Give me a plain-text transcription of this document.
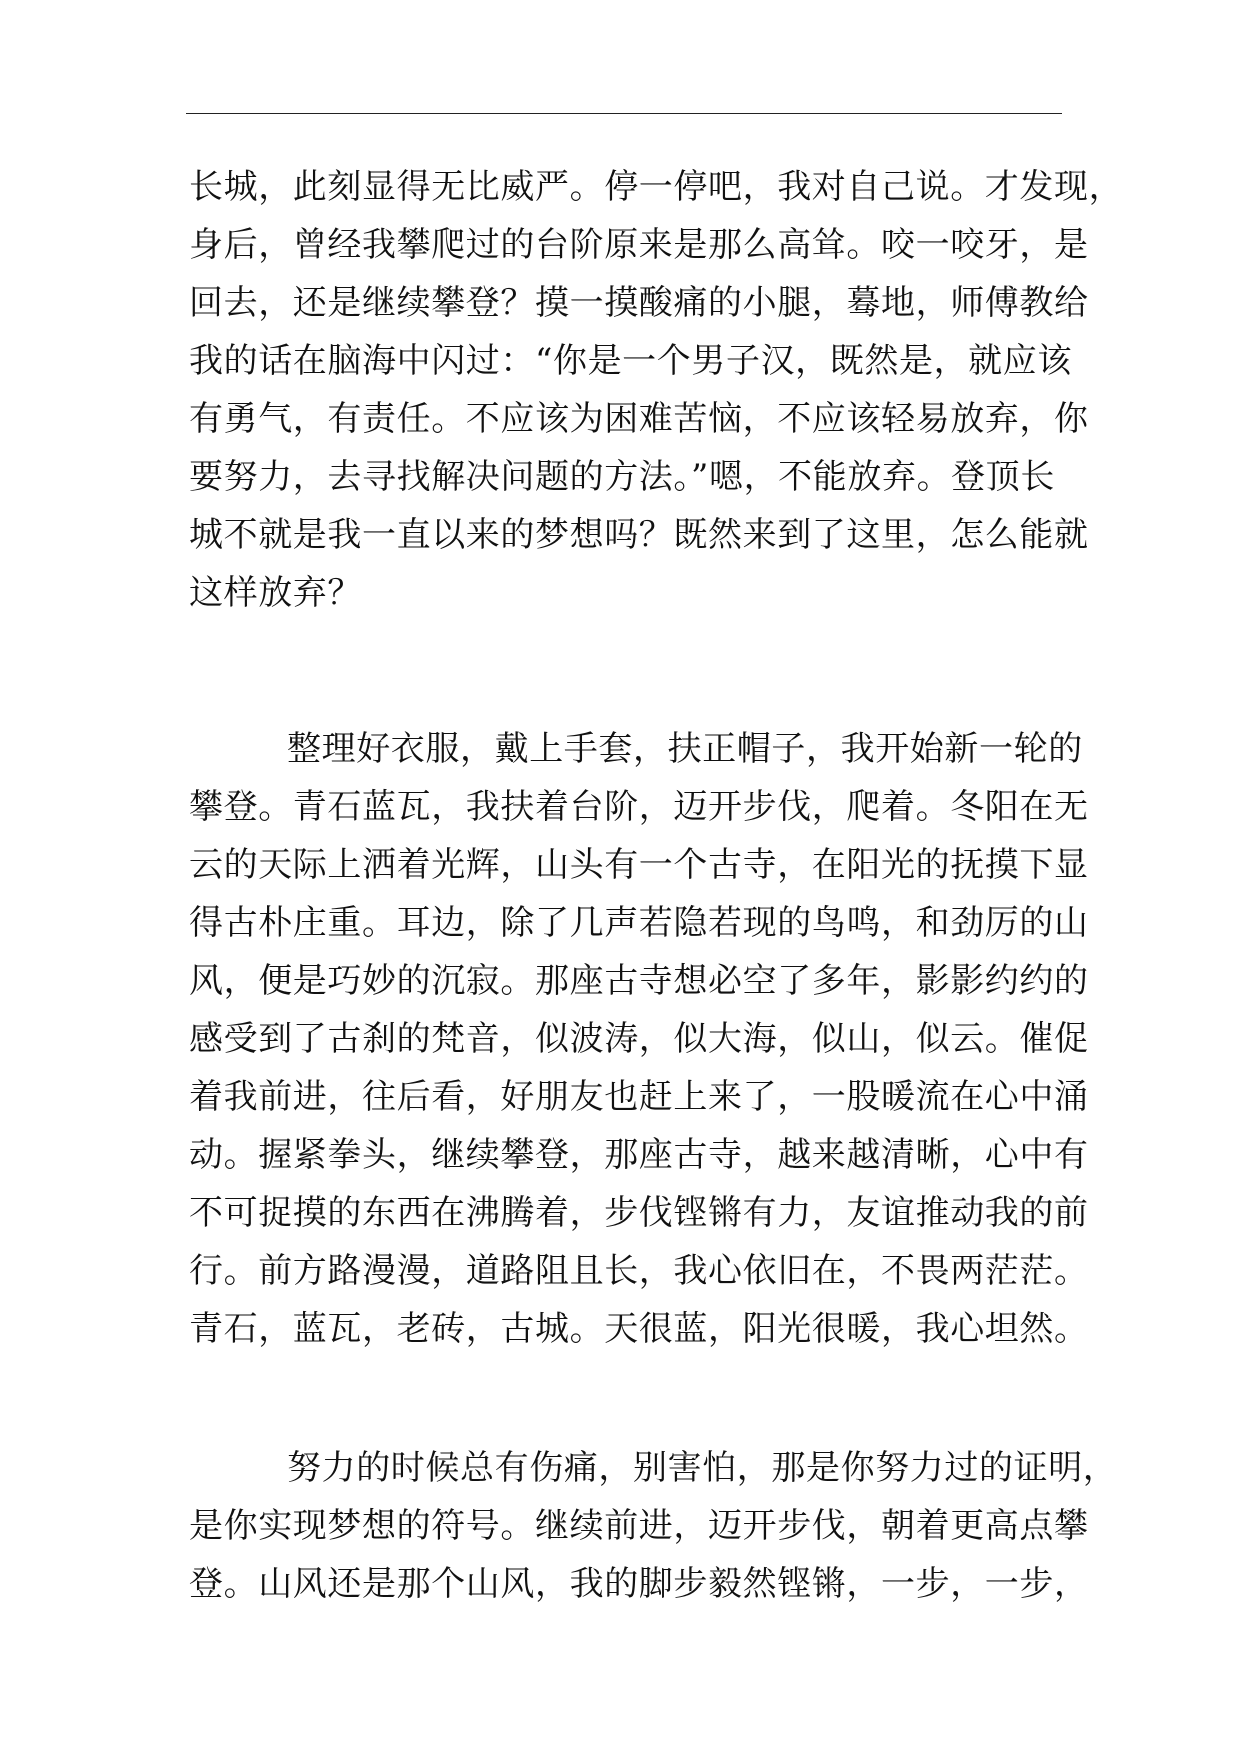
长城，此刻显得无比威严。停一停吧，我对自己说。才发现，
身后，曾经我攀爬过的台阶原来是那么高耸。咬一咬牙，是
回去，还是继续攀登？摸一摸酸痛的小腿，蓦地，师傅教给
我的话在脑海中闪过：“你是一个男子汉，既然是，就应该
有勇气，有责任。不应该为困难苦恼，不应该轻易放弃，你
要努力，去寻找解决问题的方法。”嗯，不能放弃。登顶长
城不就是我一直以来的梦想吗？既然来到了这里，怎么能就
这样放弃？
整理好衣服，戴上手套，扶正帽子，我开始新一轮的
攀登。青石蓝瓦，我扶着台阶，迈开步伐，爬着。冬阳在无
云的天际上洒着光辉，山头有一个古寺，在阳光的抚摸下显
得古朴庄重。耳边，除了几声若隐若现的鸟鸣，和劲厉的山
风，便是巧妙的沉寂。那座古寺想必空了多年，影影约约的
感受到了古刹的梵音，似波涛，似大海，似山，似云。催促
着我前进，往后看，好朋友也赶上来了，一股暖流在心中涌
动。握紧拳头，继续攀登，那座古寺，越来越清晰，心中有
不可捉摸的东西在沸腾着，步伐铿锵有力，友谊推动我的前
行。前方路漫漫，道路阻且长，我心依旧在，不畏两茫茫。
青石，蓝瓦，老砖，古城。天很蓝，阳光很暖，我心坦然。
努力的时候总有伤痛，别害怕，那是你努力过的证明，
是你实现梦想的符号。继续前进，迈开步伐，朝着更高点攀
登。山风还是那个山风，我的脚步毅然铿锵，一步，一步，
